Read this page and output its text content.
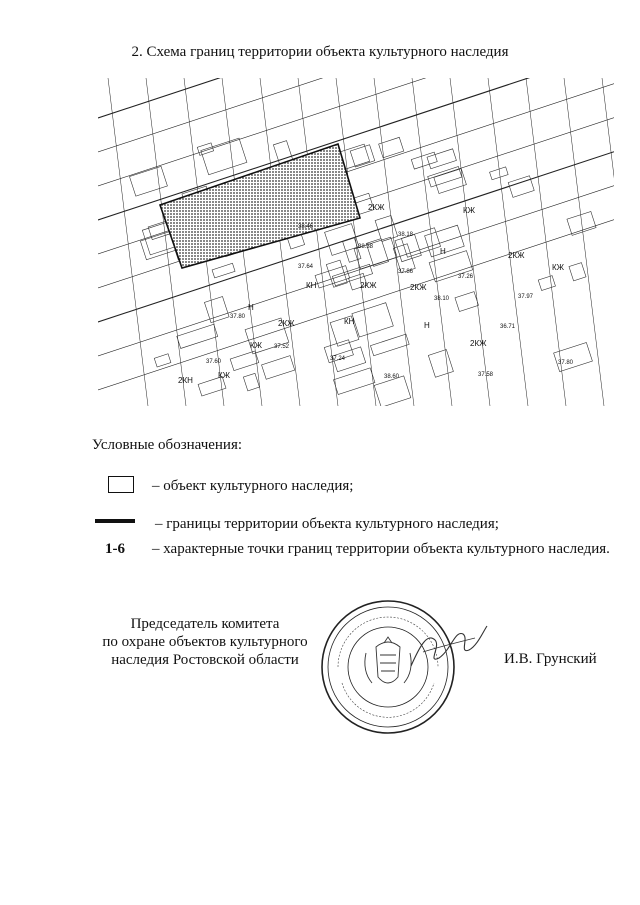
2. Схема границ территории объекта культурного наследия
2КЖ	КЖ
2КЖ
КН	2КЖ
Н
КЖ
2КЖ	КН
2КЖ
Н
КЖ
2КЖ
КЖ
Н
2КН
38.38
37.64
37.86
37.24
38.10
37.60
36.71
37.52
38.60
37.80
37.26
37.97
38.18
37.58
37.80
38.46
Условные обозначения:
– объект культурного наследия;
– границы территории объекта культурного наследия;
1-6 – характерные точки границ территории объекта культурного наследия.
Председатель комитета
по охране объектов культурного
наследия Ростовской области	И.В. Грунский
